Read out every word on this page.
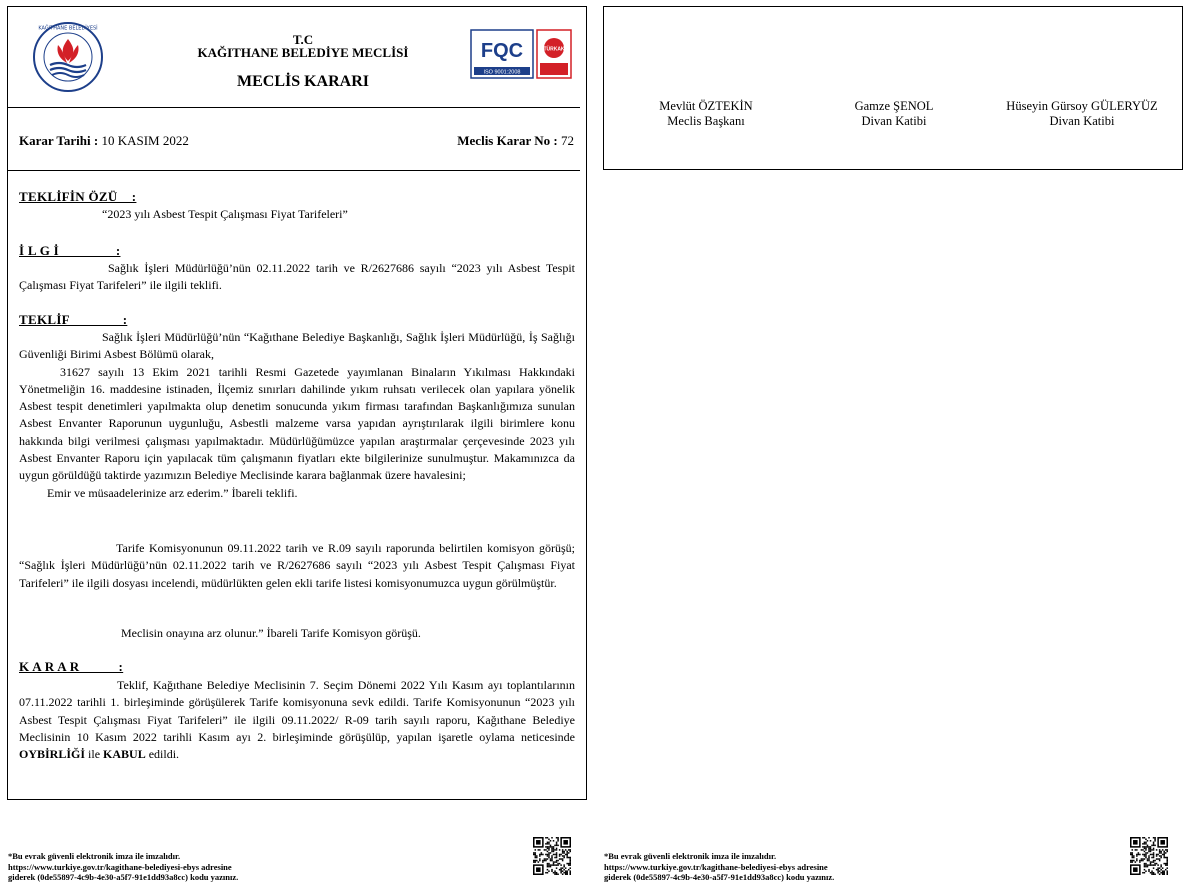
KAĞITHANE BELEDİYESİ
T.C
KAĞITHANE BELEDİYE MECLİSİ
MECLİS KARARI
FQC
ISO 9001:2008
TÜRKAK
Karar Tarihi : 10 KASIM 2022	Meclis Karar No : 72
TEKLİFİN ÖZÜ    :
“2023 yılı Asbest Tespit Çalışması Fiyat Tarifeleri”
İ L G İ                :
Sağlık İşleri Müdürlüğü’nün 02.11.2022 tarih ve R/2627686 sayılı “2023 yılı Asbest Tespit Çalışması Fiyat Tarifeleri” ile ilgili teklifi.
TEKLİF               :
Sağlık İşleri Müdürlüğü’nün “Kağıthane Belediye Başkanlığı, Sağlık İşleri Müdürlüğü, İş Sağlığı Güvenliği Birimi Asbest Bölümü olarak,
31627 sayılı 13 Ekim 2021 tarihli Resmi Gazetede yayımlanan Binaların Yıkılması Hakkındaki Yönetmeliğin 16. maddesine istinaden, İlçemiz sınırları dahilinde yıkım ruhsatı verilecek olan yapılara yönelik Asbest tespit denetimleri yapılmakta olup denetim sonucunda yıkım firması tarafından Başkanlığımıza sunulan Asbest Envanter Raporunun uygunluğu, Asbestli malzeme varsa yapıdan ayrıştırılarak ilgili birimlere konu hakkında bilgi verilmesi çalışması yapılmaktadır. Müdürlüğümüzce yapılan araştırmalar çerçevesinde 2023 yılı Asbest Envanter Raporu için yapılacak tüm çalışmanın fiyatları ekte bilgilerinize sunulmuştur. Makamınızca da uygun görüldüğü taktirde yazımızın Belediye Meclisinde karara bağlanmak üzere havalesini;
Emir ve müsaadelerinize arz ederim.” İbareli teklifi.
Tarife Komisyonunun 09.11.2022 tarih ve R.09 sayılı raporunda belirtilen komisyon görüşü; “Sağlık İşleri Müdürlüğü’nün 02.11.2022 tarih ve R/2627686 sayılı “2023 yılı Asbest Tespit Çalışması Fiyat Tarifeleri” ile ilgili dosyası incelendi, müdürlükten gelen ekli tarife listesi komisyonumuzca uygun görülmüştür.
Meclisin onayına arz olunur.” İbareli Tarife Komisyon görüşü.
K A R A R           :
Teklif, Kağıthane Belediye Meclisinin 7. Seçim Dönemi 2022 Yılı Kasım ayı toplantılarının 07.11.2022 tarihli 1. birleşiminde görüşülerek Tarife komisyonuna sevk edildi. Tarife Komisyonunun “2023 yılı Asbest Tespit Çalışması Fiyat Tarifeleri” ile ilgili 09.11.2022/ R-09 tarih sayılı raporu, Kağıthane Belediye Meclisinin 10 Kasım 2022 tarihli Kasım ayı 2. birleşiminde görüşülüp, yapılan işaretle oylama neticesinde OYBİRLİĞİ ile KABUL edildi.
Mevlüt ÖZTEKİN
Meclis Başkanı
Gamze ŞENOL
Divan Katibi
Hüseyin Gürsoy GÜLERYÜZ
Divan Katibi
*Bu evrak güvenli elektronik imza ile imzalıdır.
https://www.turkiye.gov.tr/kagithane-belediyesi-ebys adresine
giderek (0de55897-4c9b-4e30-a5f7-91e1dd93a8cc) kodu yazınız.
*Bu evrak güvenli elektronik imza ile imzalıdır.
https://www.turkiye.gov.tr/kagithane-belediyesi-ebys adresine
giderek (0de55897-4c9b-4e30-a5f7-91e1dd93a8cc) kodu yazınız.
